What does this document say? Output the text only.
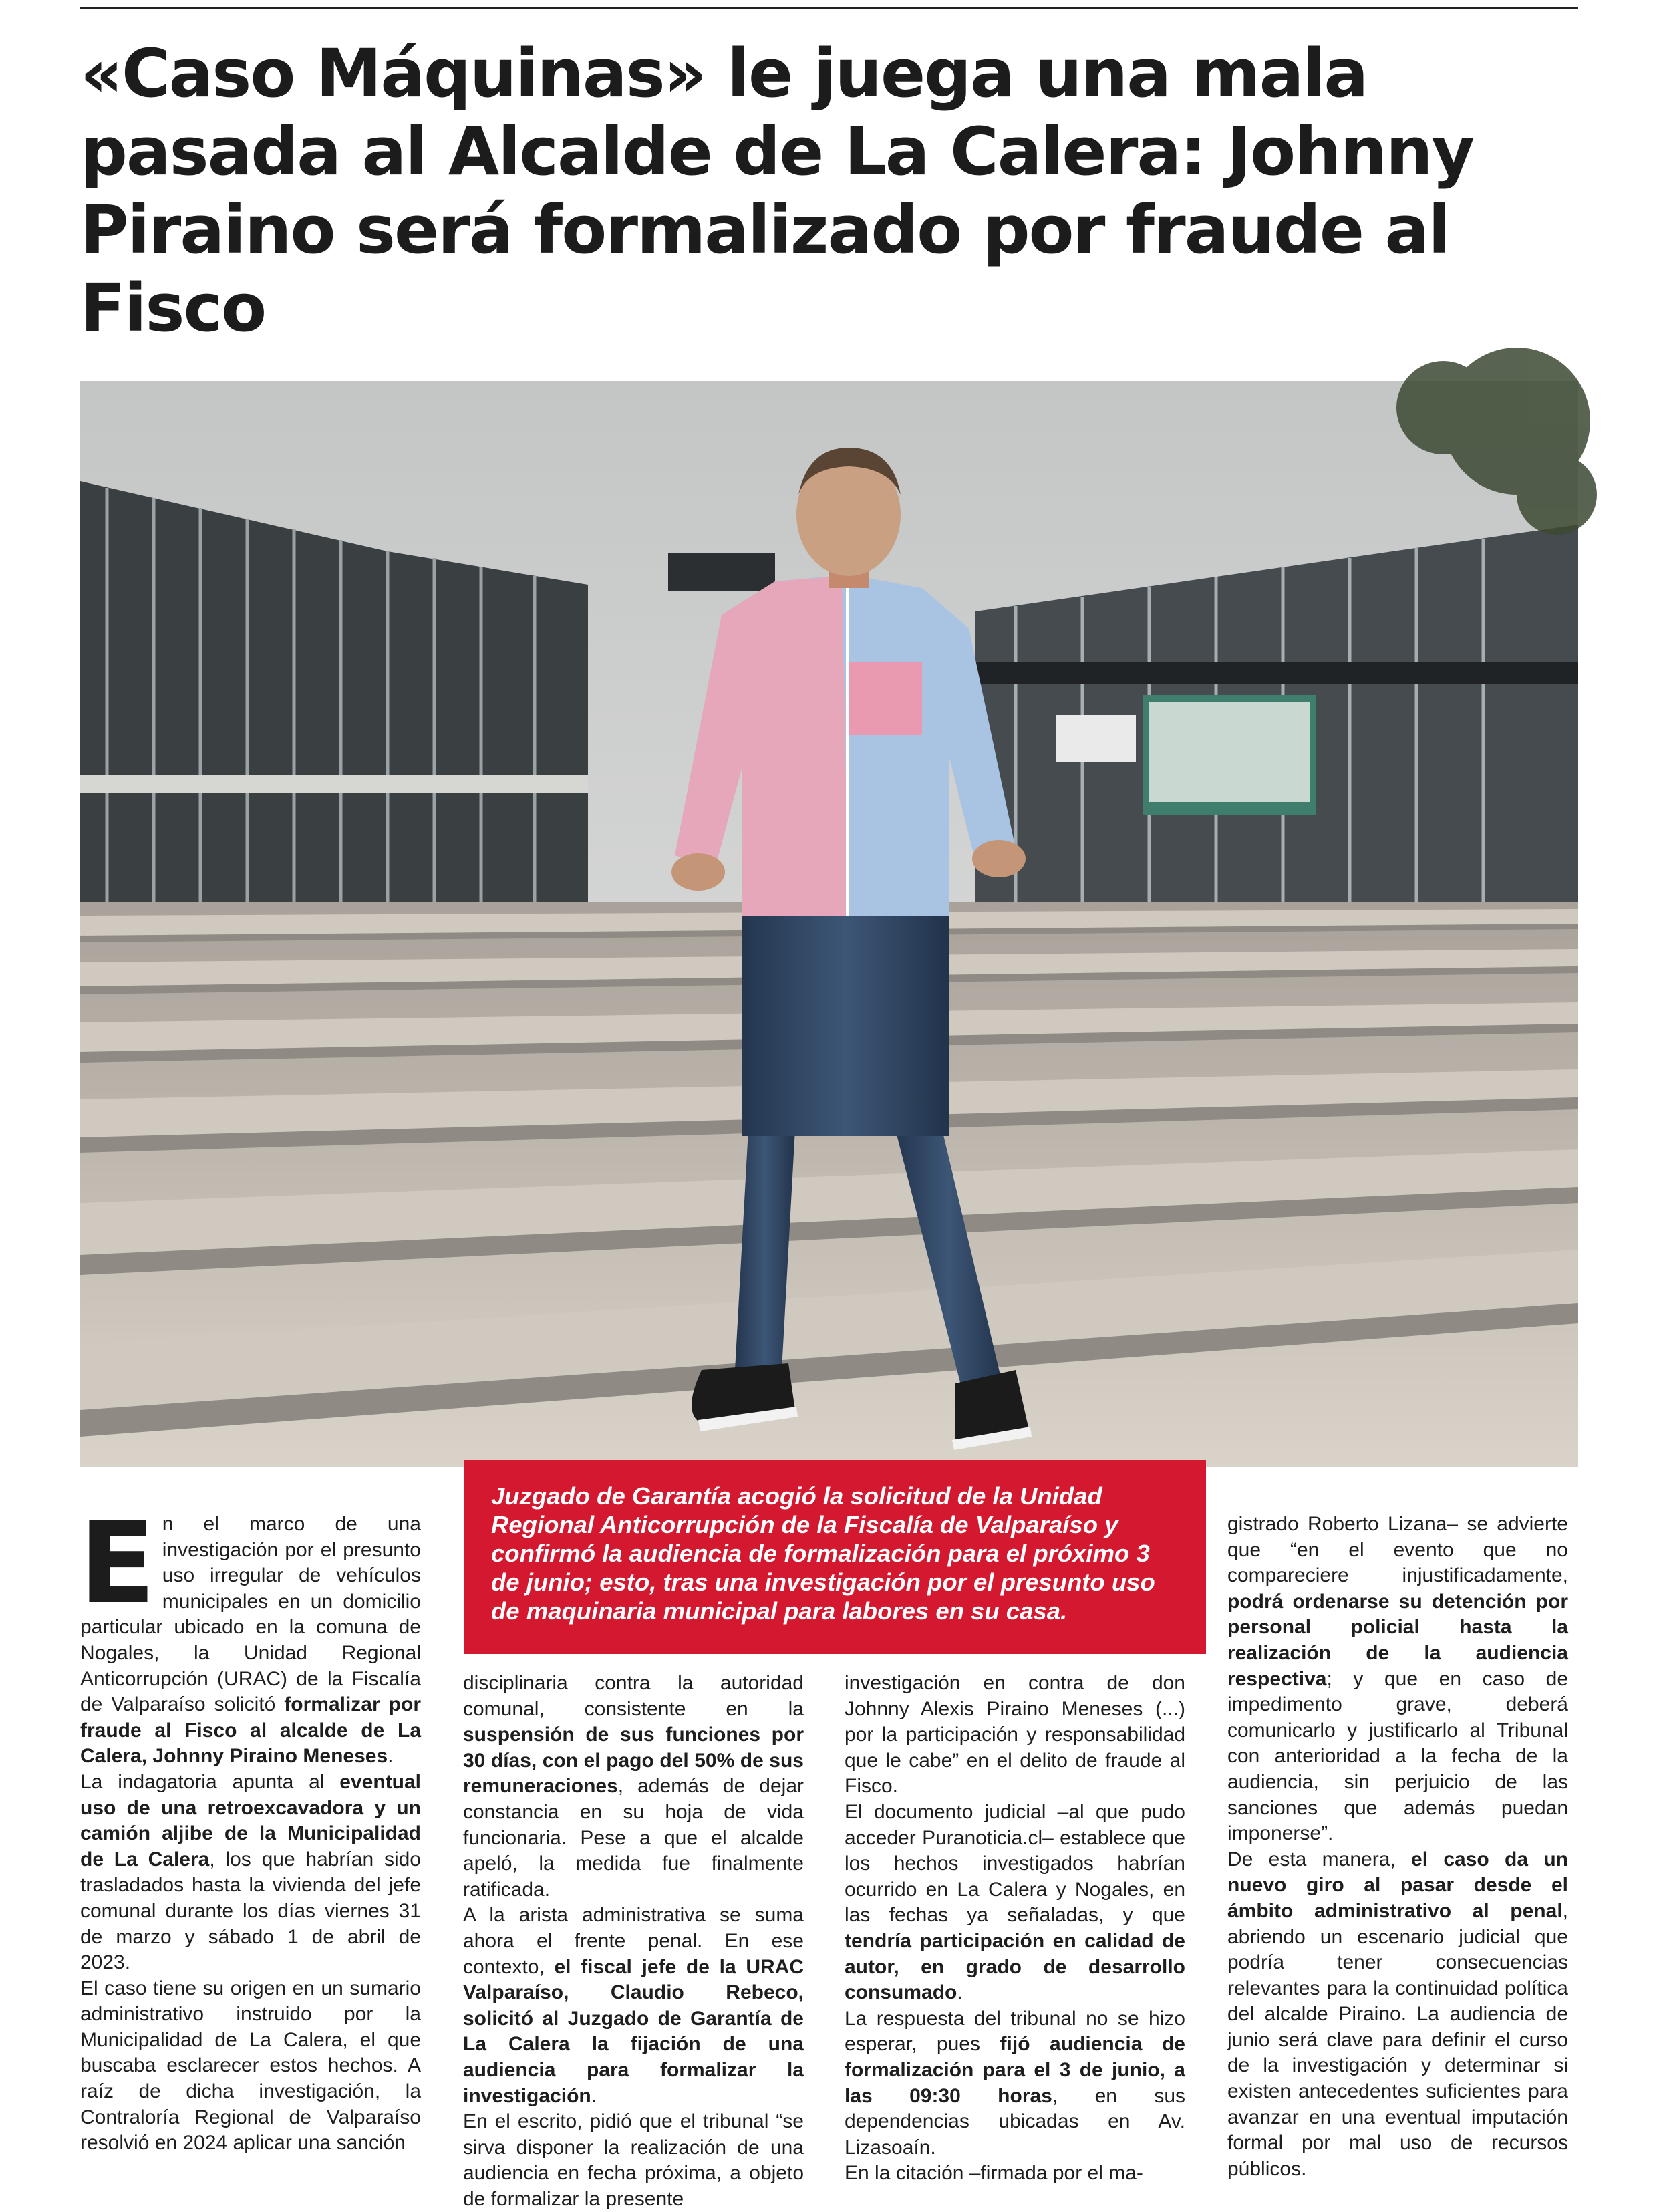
«Caso Máquinas» le juega una mala pasada al Alcalde de La Calera: Johnny Piraino será formalizado por fraude al Fisco
Juzgado de Garantía acogió la solicitud de la Unidad Regional Anticorrupción de la Fiscalía de Valparaíso y confirmó la audiencia de formalización para el próximo 3 de junio; esto, tras una investigación por el presunto uso de maquinaria municipal para labores en su casa.

En el marco de una investigación por el presunto uso irregular de vehículos municipales en un domicilio particular ubicado en la comuna de Nogales, la Unidad Regional Anticorrupción (URAC) de la Fiscalía de Valparaíso solicitó formalizar por fraude al Fisco al alcalde de La Calera, Johnny Piraino Meneses.

La indagatoria apunta al eventual uso de una retroexcavadora y un camión aljibe de la Municipalidad de La Calera, los que habrían sido trasladados hasta la vivienda del jefe comunal durante los días viernes 31 de marzo y sábado 1 de abril de 2023.

El caso tiene su origen en un sumario administrativo instruido por la Municipalidad de La Calera, el que buscaba esclarecer estos hechos. A raíz de dicha investigación, la Contraloría Regional de Valparaíso resolvió en 2024 aplicar una sanción

disciplinaria contra la autoridad comunal, consistente en la suspensión de sus funciones por 30 días, con el pago del 50% de sus remuneraciones, además de dejar constancia en su hoja de vida funcionaria. Pese a que el alcalde apeló, la medida fue finalmente ratificada.

A la arista administrativa se suma ahora el frente penal. En ese contexto, el fiscal jefe de la URAC Valparaíso, Claudio Rebeco, solicitó al Juzgado de Garantía de La Calera la fijación de una audiencia para formalizar la investigación.

En el escrito, pidió que el tribunal “se sirva disponer la realización de una audiencia en fecha próxima, a objeto de formalizar la presente

investigación en contra de don Johnny Alexis Piraino Meneses (...) por la participación y responsabilidad que le cabe” en el delito de fraude al Fisco.

El documento judicial –al que pudo acceder Puranoticia.cl– establece que los hechos investigados habrían ocurrido en La Calera y Nogales, en las fechas ya señaladas, y que tendría participación en calidad de autor, en grado de desarrollo consumado.

La respuesta del tribunal no se hizo esperar, pues fijó audiencia de formalización para el 3 de junio, a las 09:30 horas, en sus dependencias ubicadas en Av. Lizasoaín.

En la citación –firmada por el ma-

gistrado Roberto Lizana– se advierte que “en el evento que no compareciere injustificadamente, podrá ordenarse su detención por personal policial hasta la realización de la audiencia respectiva; y que en caso de impedimento grave, deberá comunicarlo y justificarlo al Tribunal con anterioridad a la fecha de la audiencia, sin perjuicio de las sanciones que además puedan imponerse”.

De esta manera, el caso da un nuevo giro al pasar desde el ámbito administrativo al penal, abriendo un escenario judicial que podría tener consecuencias relevantes para la continuidad política del alcalde Piraino. La audiencia de junio será clave para definir el curso de la investigación y determinar si existen antecedentes suficientes para avanzar en una eventual imputación formal por mal uso de recursos públicos.
